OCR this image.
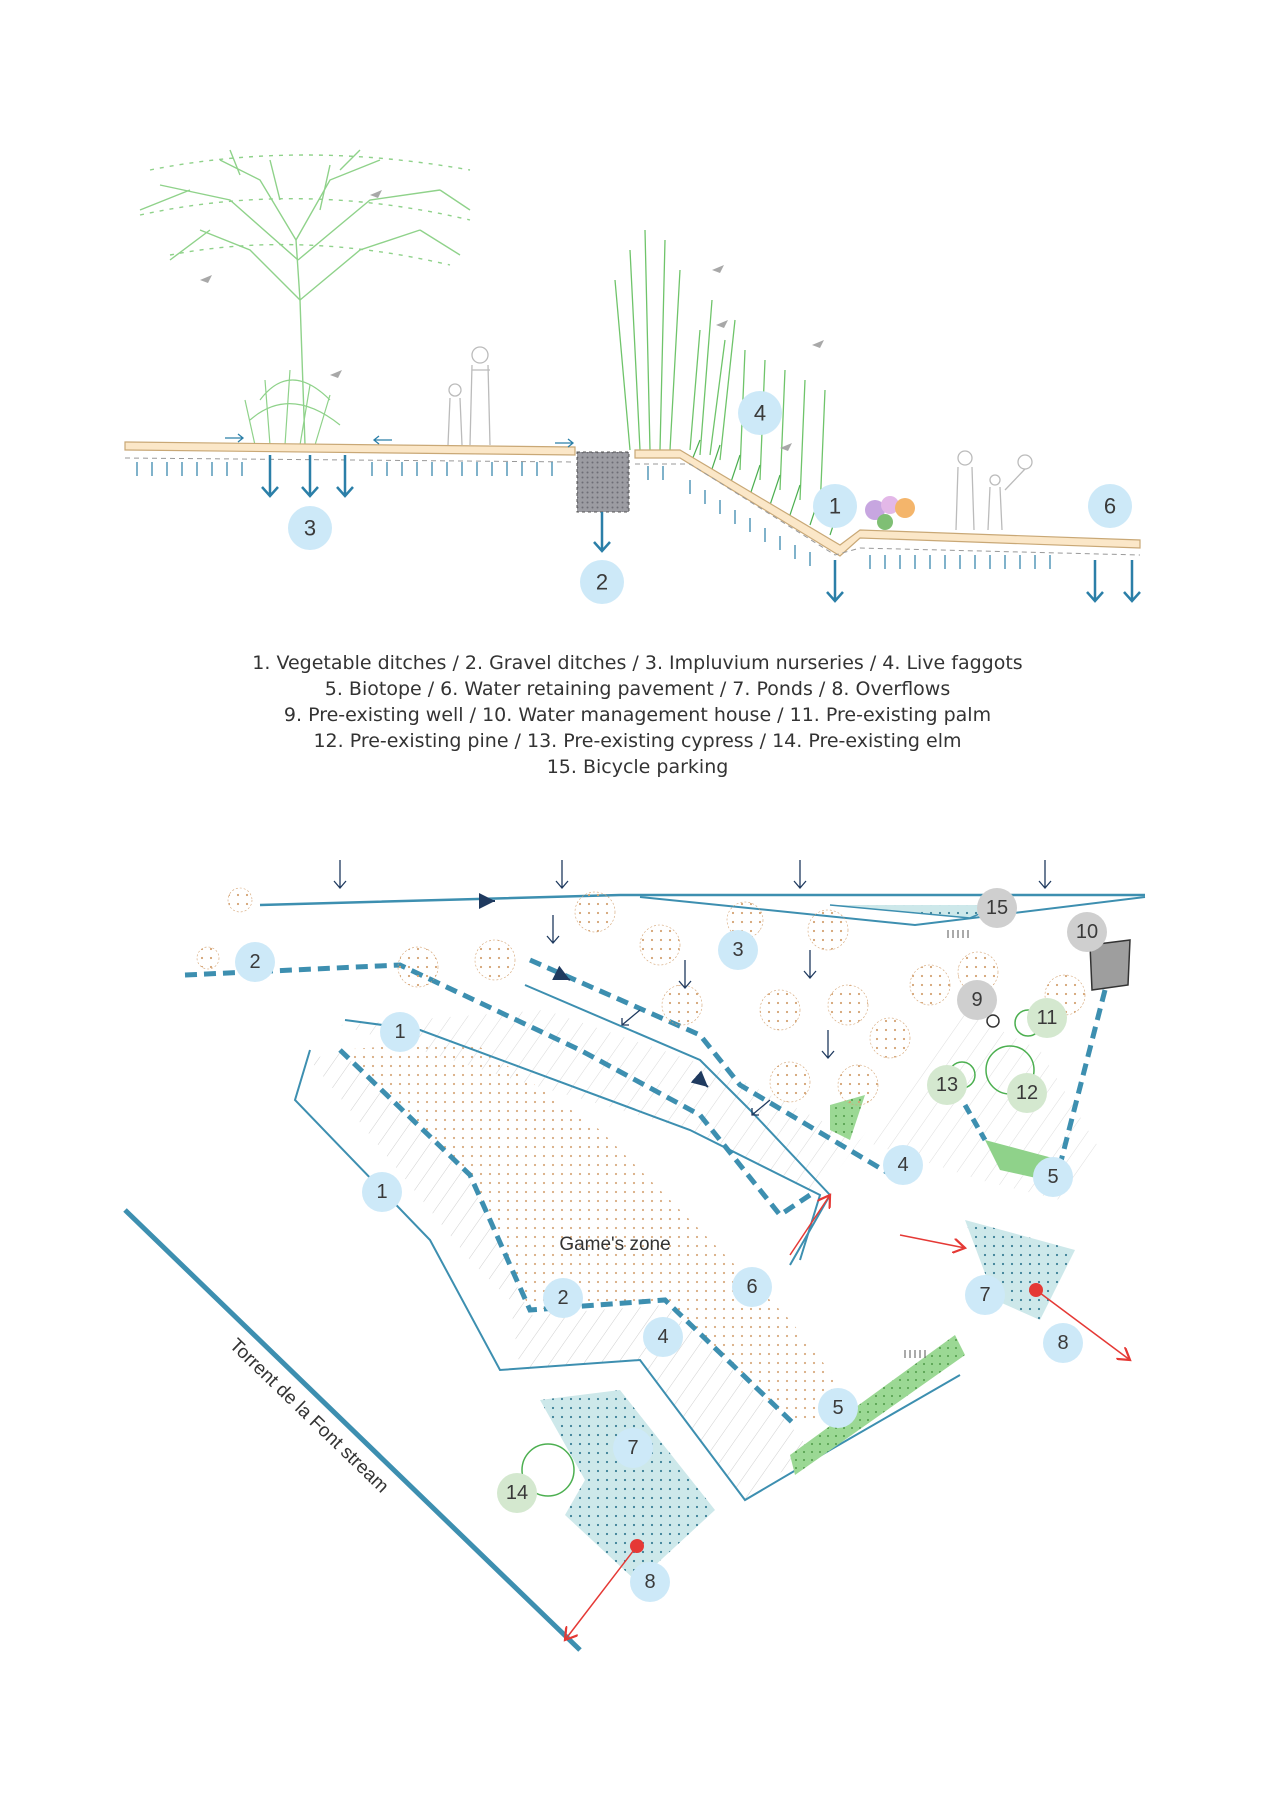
3
2
4
1	6
Game's zone
Torrent de la Font stream
1
1
2
2
3
4
4
5
5
6
7
7
8
8
9
10
11
12
13
14
15
1. Vegetable ditches / 2. Gravel ditches / 3. Impluvium nurseries / 4. Live faggots
5. Biotope / 6. Water retaining pavement / 7. Ponds / 8. Overflows
9. Pre-existing well / 10. Water management house / 11. Pre-existing palm
12. Pre-existing pine / 13. Pre-existing cypress / 14. Pre-existing elm
15. Bicycle parking
